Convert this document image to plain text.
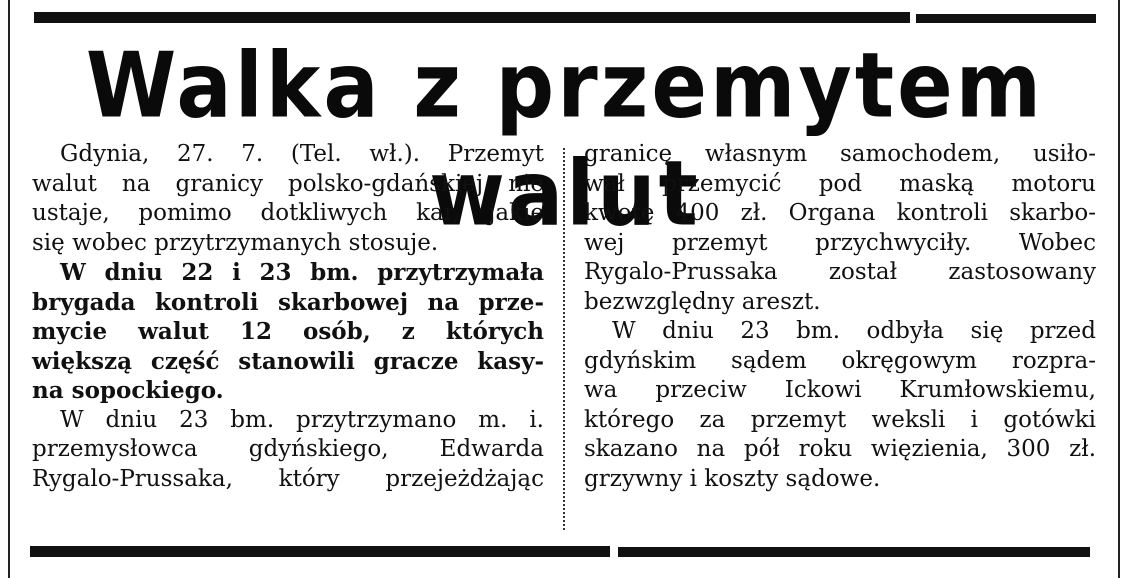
Walka z przemytem walut
Gdynia, 27. 7. (Tel. wł.). Przemyt
walut na granicy polsko-gdańskiej nie
ustaje, pomimo dotkliwych kar, jakie
się wobec przytrzymanych stosuje.
W dniu 22 i 23 bm. przytrzymała
brygada kontroli skarbowej na prze-
mycie walut 12 osób, z których
większą część stanowili gracze kasy-
na sopockiego.
W dniu 23 bm. przytrzymano m. i.
przemysłowca gdyńskiego, Edwarda
Rygalo-Prussaka, który przejeżdżając
granicę własnym samochodem, usiło-
wał przemycić pod maską motoru
kwotę 400 zł. Organa kontroli skarbo-
wej przemyt przychwyciły. Wobec
Rygalo-Prussaka został zastosowany
bezwzględny areszt.
W dniu 23 bm. odbyła się przed
gdyńskim sądem okręgowym rozpra-
wa przeciw Ickowi Krumłowskiemu,
którego za przemyt weksli i gotówki
skazano na pół roku więzienia, 300 zł.
grzywny i koszty sądowe.
